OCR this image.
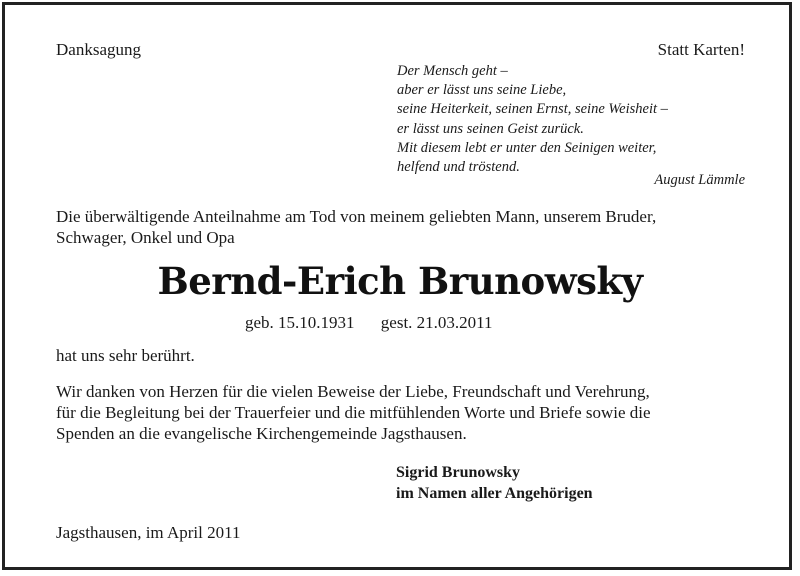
Danksagung	Statt Karten!
Der Mensch geht –
aber er lässt uns seine Liebe,
seine Heiterkeit, seinen Ernst, seine Weisheit –
er lässt uns seinen Geist zurück.
Mit diesem lebt er unter den Seinigen weiter,
helfend und tröstend.
August Lämmle
Die überwältigende Anteilnahme am Tod von meinem geliebten Mann, unserem Bruder,
Schwager, Onkel und Opa
Bernd-Erich Brunowsky
geb. 15.10.1931 gest. 21.03.2011
hat uns sehr berührt.
Wir danken von Herzen für die vielen Beweise der Liebe, Freundschaft und Verehrung,
für die Begleitung bei der Trauerfeier und die mitfühlenden Worte und Briefe sowie die
Spenden an die evangelische Kirchengemeinde Jagsthausen.
Sigrid Brunowsky
im Namen aller Angehörigen
Jagsthausen, im April 2011
